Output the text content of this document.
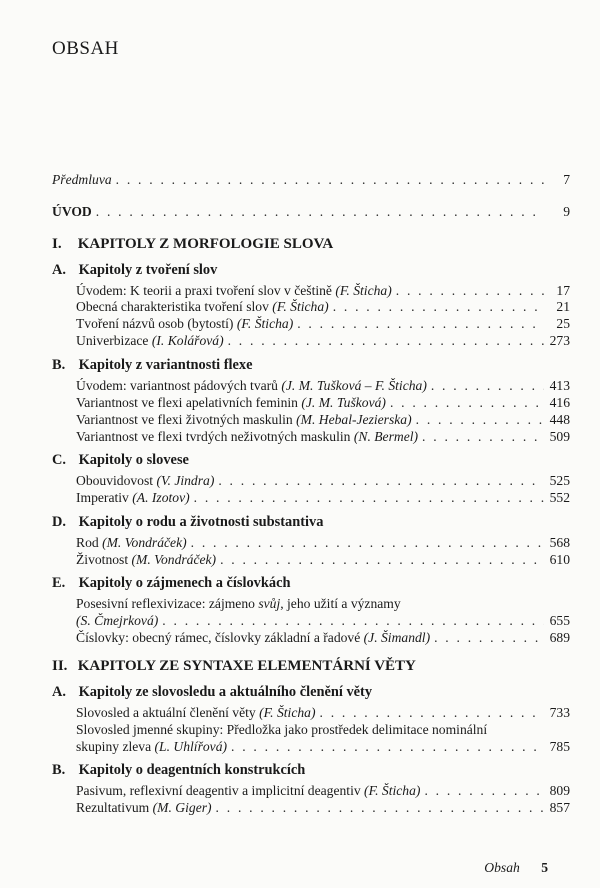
OBSAH
Předmluva . . .	7
ÚVOD . . .	9
I. KAPITOLY Z MORFOLOGIE SLOVA
A. Kapitoly z tvoření slov
Úvodem: K teorii a praxi tvoření slov v češtině (F. Šticha) . . .	17
Obecná charakteristika tvoření slov (F. Šticha) . . .	21
Tvoření názvů osob (bytostí) (F. Šticha) . . .	25
Univerbizace (I. Kolářová) . . .	273
B. Kapitoly z variantnosti flexe
Úvodem: variantnost pádových tvarů (J. M. Tušková – F. Šticha) . . .	413
Variantnost ve flexi apelativních feminin (J. M. Tušková) . . .	416
Variantnost ve flexi životných maskulin (M. Hebal-Jezierska) . . .	448
Variantnost ve flexi tvrdých neživotných maskulin (N. Bermel) . . .	509
C. Kapitoly o slovese
Obouvidovost (V. Jindra) . . .	525
Imperativ (A. Izotov) . . .	552
D. Kapitoly o rodu a životnosti substantiva
Rod (M. Vondráček) . . .	568
Životnost (M. Vondráček) . . .	610
E. Kapitoly o zájmenech a číslovkách
Posesivní reflexivizace: zájmeno svůj, jeho užití a významy
(S. Čmejrková) . . .	655
Číslovky: obecný rámec, číslovky základní a řadové (J. Šimandl) . . .	689
II. KAPITOLY ZE SYNTAXE ELEMENTÁRNÍ VĚTY
A. Kapitoly ze slovosledu a aktuálního členění věty
Slovosled a aktuální členění věty (F. Šticha) . . .	733
Slovosled jmenné skupiny: Předložka jako prostředek delimitace nominální
skupiny zleva (L. Uhlířová) . . .	785
B. Kapitoly o deagentních konstrukcích
Pasivum, reflexivní deagentiv a implicitní deagentiv (F. Šticha) . . .	809
Rezultativum (M. Giger) . . .	857
Obsah 5
